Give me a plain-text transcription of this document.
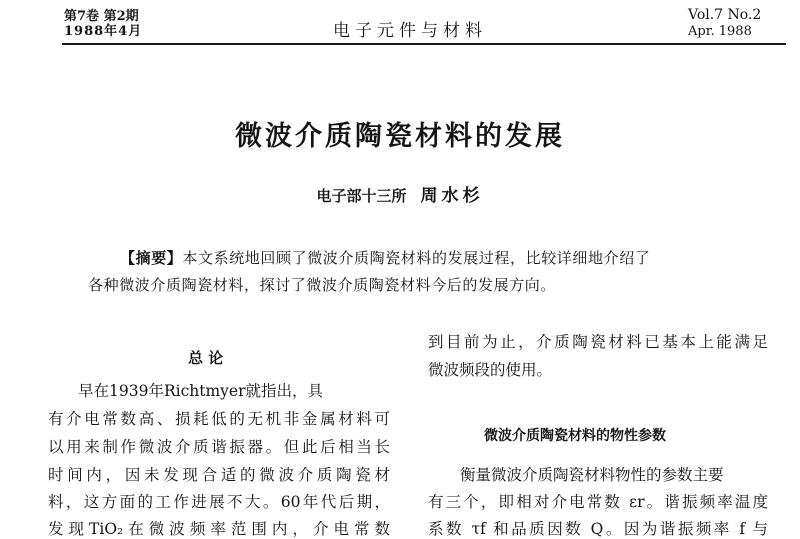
第7卷 第2期
1988年4月	电子元件与材料
Vol.7 No.2
Apr. 1988
微波介质陶瓷材料的发展
电子部十三所 周水杉
【摘要】本文系统地回顾了微波介质陶瓷材料的发展过程，比较详细地介绍了
各种微波介质陶瓷材料，探讨了微波介质陶瓷材料今后的发展方向。
总 论
早在1939年Richtmyer就指出，具
有介电常数高、损耗低的无机非金属材料可
以用来制作微波介质谐振器。但此后相当长
时间内，因未发现合适的微波介质陶瓷材
料，这方面的工作进展不大。60年代后期，
发现TiO₂在微波频率范围内，介电常数
到目前为止，介质陶瓷材料已基本上能满足
微波频段的使用。
微波介质陶瓷材料的物性参数
衡量微波介质陶瓷材料物性的参数主要
有三个，即相对介电常数 εr。谐振频率温度
系数 τf 和品质因数 Q。因为谐振频率 f 与
